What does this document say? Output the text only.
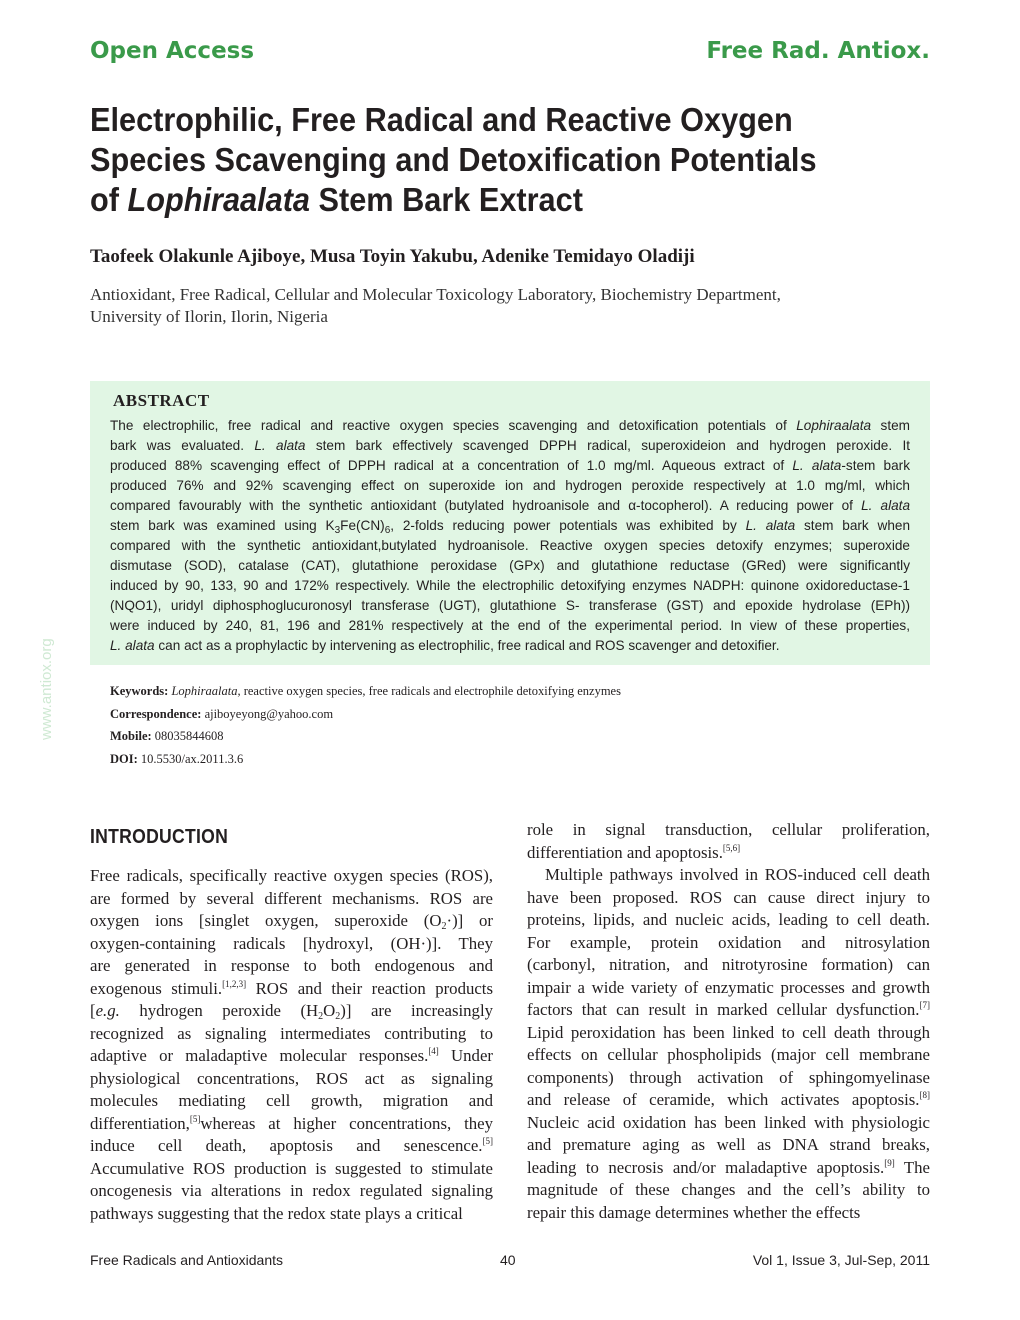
Open Access	Free Rad. Antiox.
Electrophilic, Free Radical and Reactive Oxygen
Species Scavenging and Detoxification Potentials
of Lophiraalata Stem Bark Extract
Taofeek Olakunle Ajiboye, Musa Toyin Yakubu, Adenike Temidayo Oladiji
Antioxidant, Free Radical, Cellular and Molecular Toxicology Laboratory, Biochemistry Department,
University of Ilorin, Ilorin, Nigeria
ABSTRACT
The electrophilic, free radical and reactive oxygen species scavenging and detoxification potentials of Lophiraalata stem
bark was evaluated. L. alata stem bark effectively scavenged DPPH radical, superoxideion and hydrogen peroxide. It
produced 88% scavenging effect of DPPH radical at a concentration of 1.0 mg/ml. Aqueous extract of L. alata-stem bark
produced 76% and 92% scavenging effect on superoxide ion and hydrogen peroxide respectively at 1.0 mg/ml, which
compared favourably with the synthetic antioxidant (butylated hydroanisole and α-tocopherol). A reducing power of L. alata
stem bark was examined using $K_3Fe(CN)_6$, 2-folds reducing power potentials was exhibited by L. alata stem bark when
compared with the synthetic antioxidant,butylated hydroanisole. Reactive oxygen species detoxify enzymes; superoxide
dismutase (SOD), catalase (CAT), glutathione peroxidase (GPx) and glutathione reductase (GRed) were significantly
induced by 90, 133, 90 and 172% respectively. While the electrophilic detoxifying enzymes NADPH: quinone oxidoreductase-1
(NQO1), uridyl diphosphoglucuronosyl transferase (UGT), glutathione S- transferase (GST) and epoxide hydrolase (EPh))
were induced by 240, 81, 196 and 281% respectively at the end of the experimental period. In view of these properties,
L. alata can act as a prophylactic by intervening as electrophilic, free radical and ROS scavenger and detoxifier.
www.antiox.org	Keywords: Lophiraalata, reactive oxygen species, free radicals and electrophile detoxifying enzymes
Correspondence: ajiboyeyong@yahoo.com
Mobile: 08035844608
DOI: 10.5530/ax.2011.3.6
INTRODUCTION
Free radicals, specifically reactive oxygen species (ROS),
are formed by several different mechanisms. ROS are
oxygen ions [singlet oxygen, superoxide $(O_2\cdot)$] or
oxygen-containing radicals [hydroxyl, (OH·)]. They
are generated in response to both endogenous and
exogenous stimuli.[1,2,3] ROS and their reaction products
[e.g. hydrogen peroxide $(H_2O_2)$] are increasingly
recognized as signaling intermediates contributing to
adaptive or maladaptive molecular responses.[4] Under
physiological concentrations, ROS act as signaling
molecules mediating cell growth, migration and
differentiation,[5]whereas at higher concentrations, they
induce cell death, apoptosis and senescence.[5]
Accumulative ROS production is suggested to stimulate
oncogenesis via alterations in redox regulated signaling
pathways suggesting that the redox state plays a critical
role in signal transduction, cellular proliferation,
differentiation and apoptosis.[5,6]
Multiple pathways involved in ROS-induced cell death
have been proposed. ROS can cause direct injury to
proteins, lipids, and nucleic acids, leading to cell death.
For example, protein oxidation and nitrosylation
(carbonyl, nitration, and nitrotyrosine formation) can
impair a wide variety of enzymatic processes and growth
factors that can result in marked cellular dysfunction.[7]
Lipid peroxidation has been linked to cell death through
effects on cellular phospholipids (major cell membrane
components) through activation of sphingomyelinase
and release of ceramide, which activates apoptosis.[8]
Nucleic acid oxidation has been linked with physiologic
and premature aging as well as DNA strand breaks,
leading to necrosis and/or maladaptive apoptosis.[9] The
magnitude of these changes and the cell’s ability to
repair this damage determines whether the effects
Free Radicals and Antioxidants	40	Vol 1, Issue 3, Jul-Sep, 2011
